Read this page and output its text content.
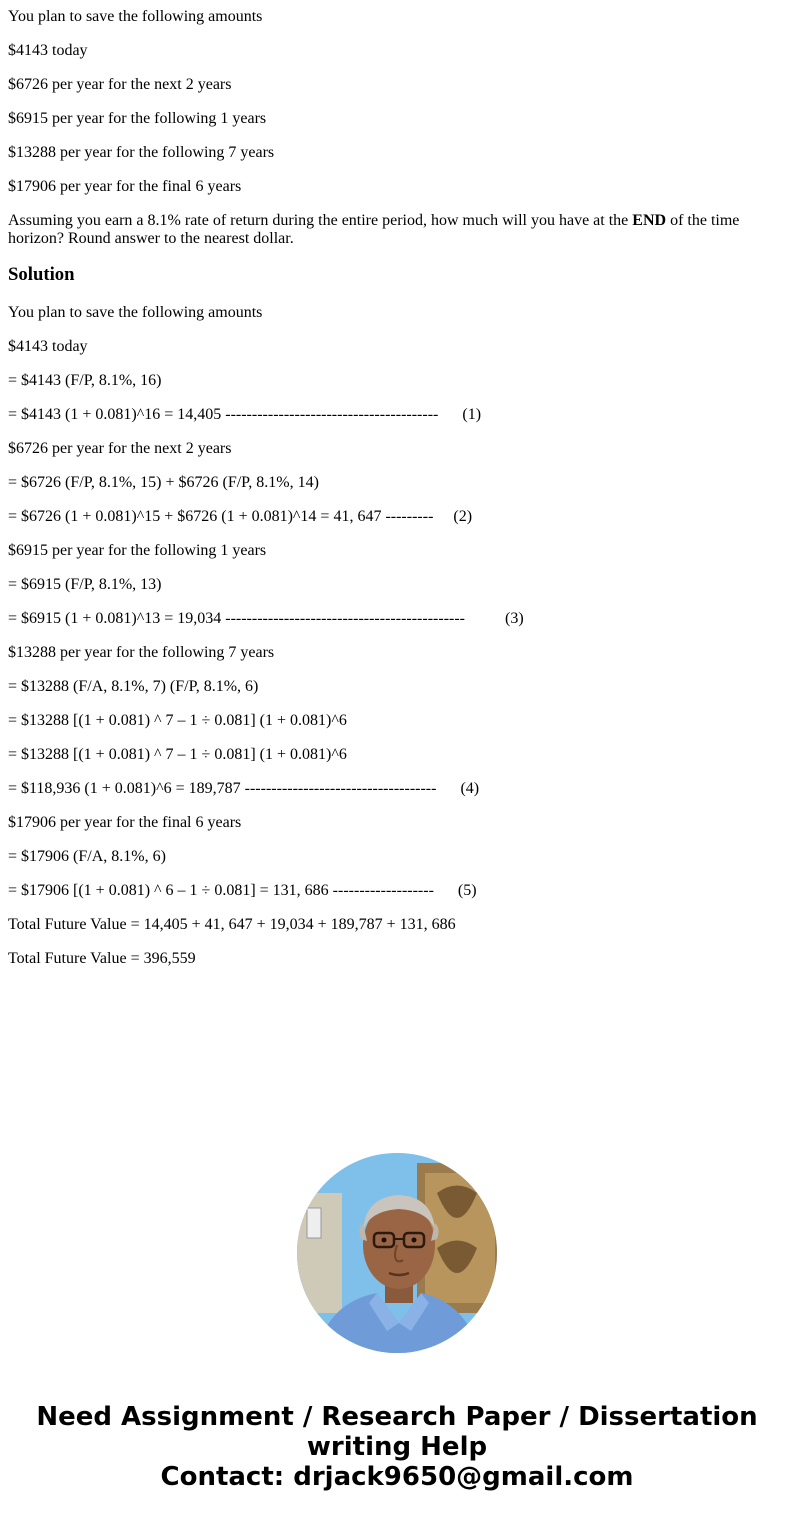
You plan to save the following amounts

$4143 today

$6726 per year for the next 2 years

$6915 per year for the following 1 years

$13288 per year for the following 7 years

$17906 per year for the final 6 years

Assuming you earn a 8.1% rate of return during the entire period, how much will you have at the END of the time horizon? Round answer to the nearest dollar.

Solution

You plan to save the following amounts

$4143 today

= $4143 (F/P, 8.1%, 16)

= $4143 (1 + 0.081)^16 = 14,405 ----------------------------------------      (1)

$6726 per year for the next 2 years

= $6726 (F/P, 8.1%, 15) + $6726 (F/P, 8.1%, 14)

= $6726 (1 + 0.081)^15 + $6726 (1 + 0.081)^14 = 41, 647 ---------     (2)

$6915 per year for the following 1 years

= $6915 (F/P, 8.1%, 13)

= $6915 (1 + 0.081)^13 = 19,034 ---------------------------------------------          (3)

$13288 per year for the following 7 years

= $13288 (F/A, 8.1%, 7) (F/P, 8.1%, 6)

= $13288 [(1 + 0.081) ^ 7 – 1 ÷ 0.081] (1 + 0.081)^6

= $13288 [(1 + 0.081) ^ 7 – 1 ÷ 0.081] (1 + 0.081)^6

= $118,936 (1 + 0.081)^6 = 189,787 ------------------------------------      (4)

$17906 per year for the final 6 years

= $17906 (F/A, 8.1%, 6)

= $17906 [(1 + 0.081) ^ 6 – 1 ÷ 0.081] = 131, 686 -------------------      (5)

Total Future Value = 14,405 + 41, 647 + 19,034 + 189,787 + 131, 686

Total Future Value = 396,559

Need Assignment / Research Paper / Dissertation
writing Help
Contact: drjack9650@gmail.com
